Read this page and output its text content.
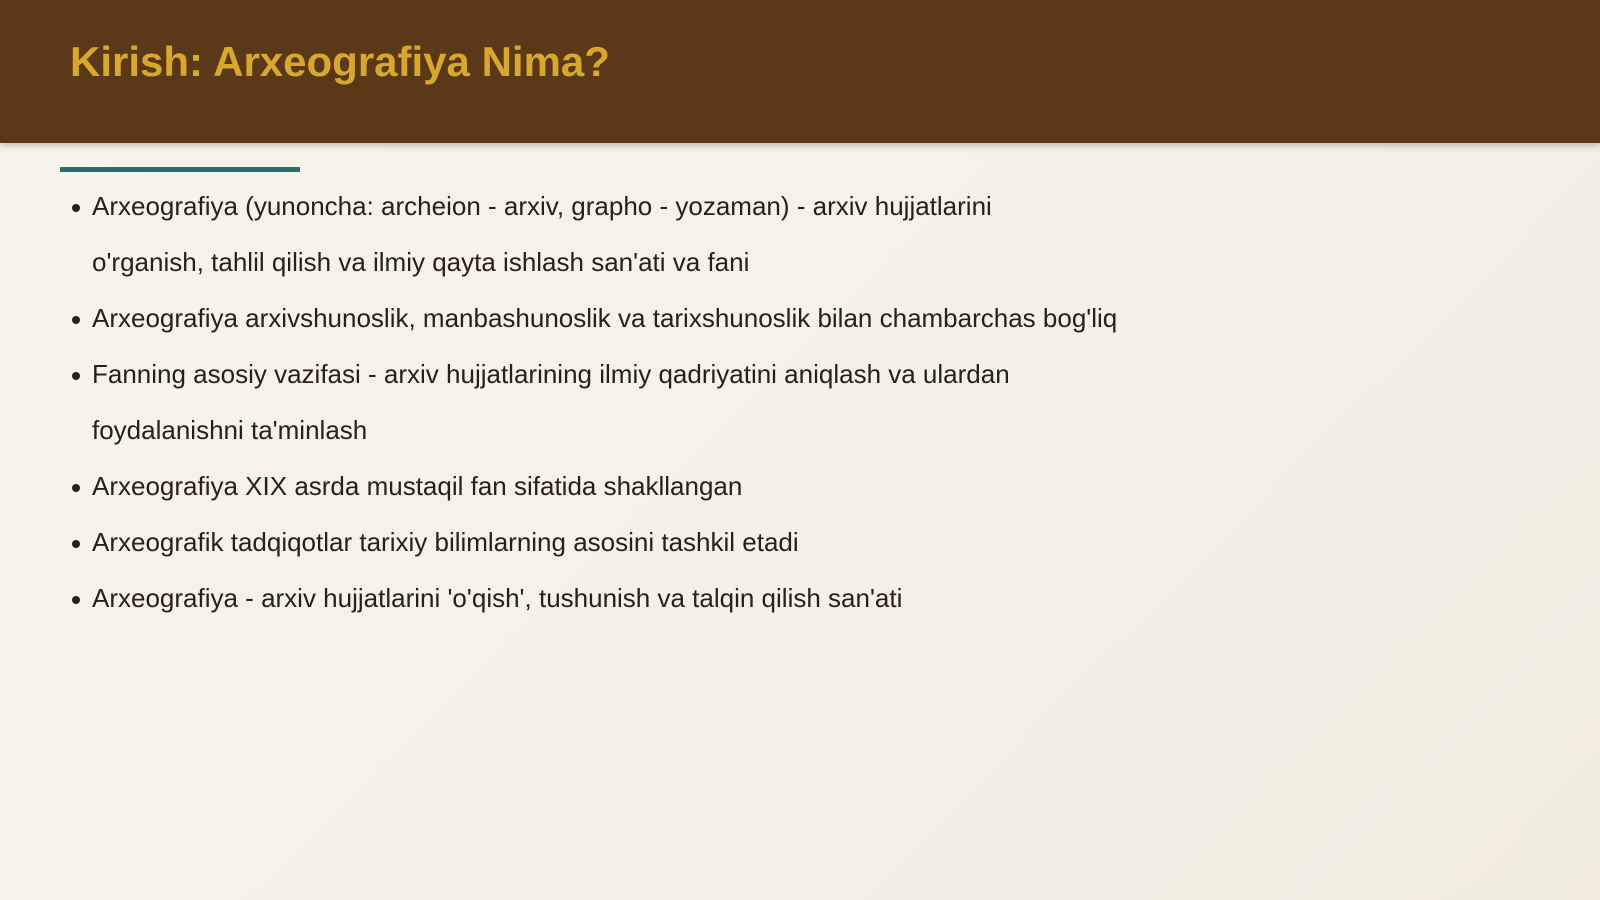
Kirish: Arxeografiya Nima?
Arxeografiya (yunoncha: archeion - arxiv, grapho - yozaman) - arxiv hujjatlarini
o'rganish, tahlil qilish va ilmiy qayta ishlash san'ati va fani
Arxeografiya arxivshunoslik, manbashunoslik va tarixshunoslik bilan chambarchas bog'liq
Fanning asosiy vazifasi - arxiv hujjatlarining ilmiy qadriyatini aniqlash va ulardan
foydalanishni ta'minlash
Arxeografiya XIX asrda mustaqil fan sifatida shakllangan
Arxeografik tadqiqotlar tarixiy bilimlarning asosini tashkil etadi
Arxeografiya - arxiv hujjatlarini 'o'qish', tushunish va talqin qilish san'ati
